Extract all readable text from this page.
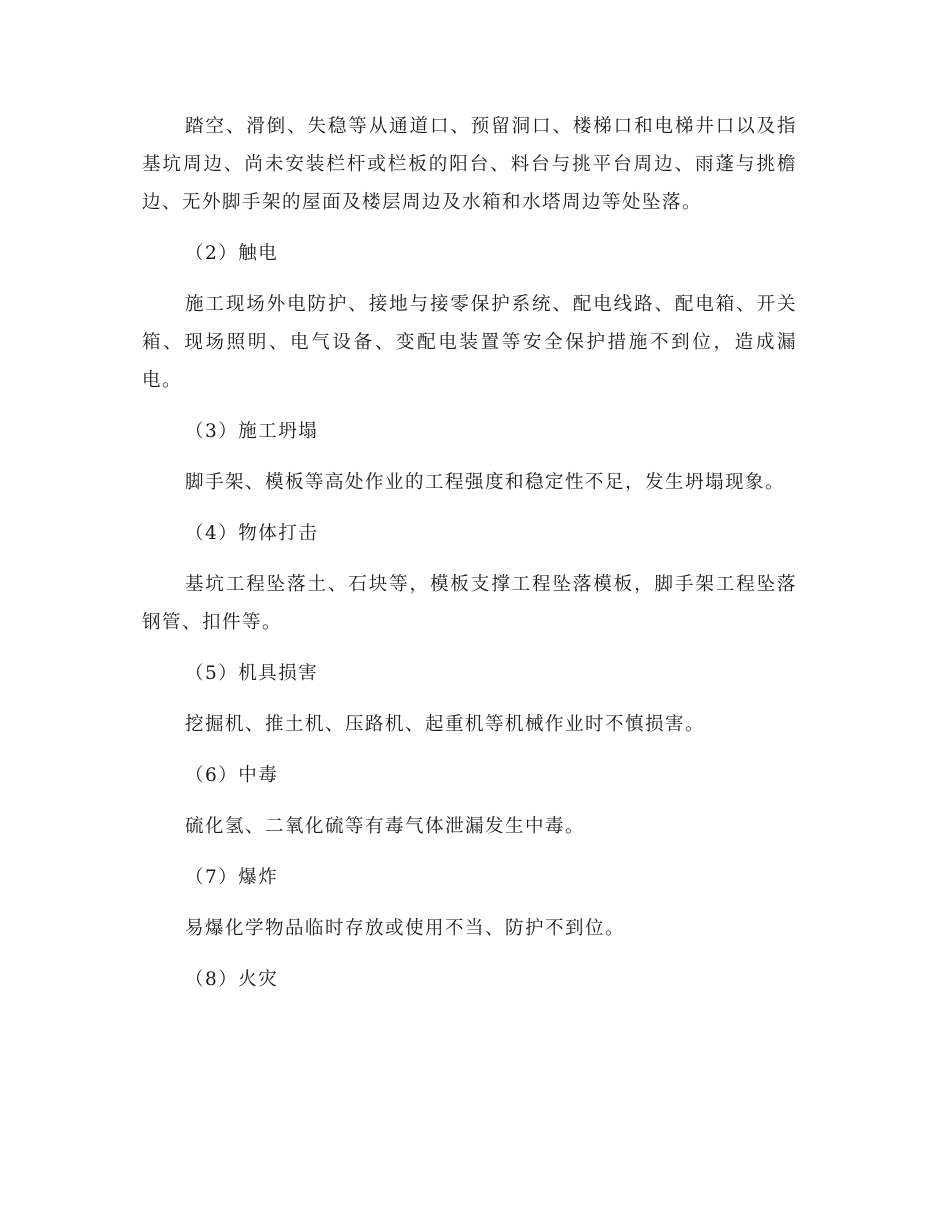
踏空、滑倒、失稳等从通道口、预留洞口、楼梯口和电梯井口以及指基坑周边、尚未安装栏杆或栏板的阳台、料台与挑平台周边、雨蓬与挑檐边、无外脚手架的屋面及楼层周边及水箱和水塔周边等处坠落。

（2）触电

施工现场外电防护、接地与接零保护系统、配电线路、配电箱、开关箱、现场照明、电气设备、变配电装置等安全保护措施不到位，造成漏电。

（3）施工坍塌

脚手架、模板等高处作业的工程强度和稳定性不足，发生坍塌现象。

（4）物体打击

基坑工程坠落土、石块等，模板支撑工程坠落模板，脚手架工程坠落钢管、扣件等。

（5）机具损害

挖掘机、推土机、压路机、起重机等机械作业时不慎损害。

（6）中毒

硫化氢、二氧化硫等有毒气体泄漏发生中毒。

（7）爆炸

易爆化学物品临时存放或使用不当、防护不到位。

（8）火灾
